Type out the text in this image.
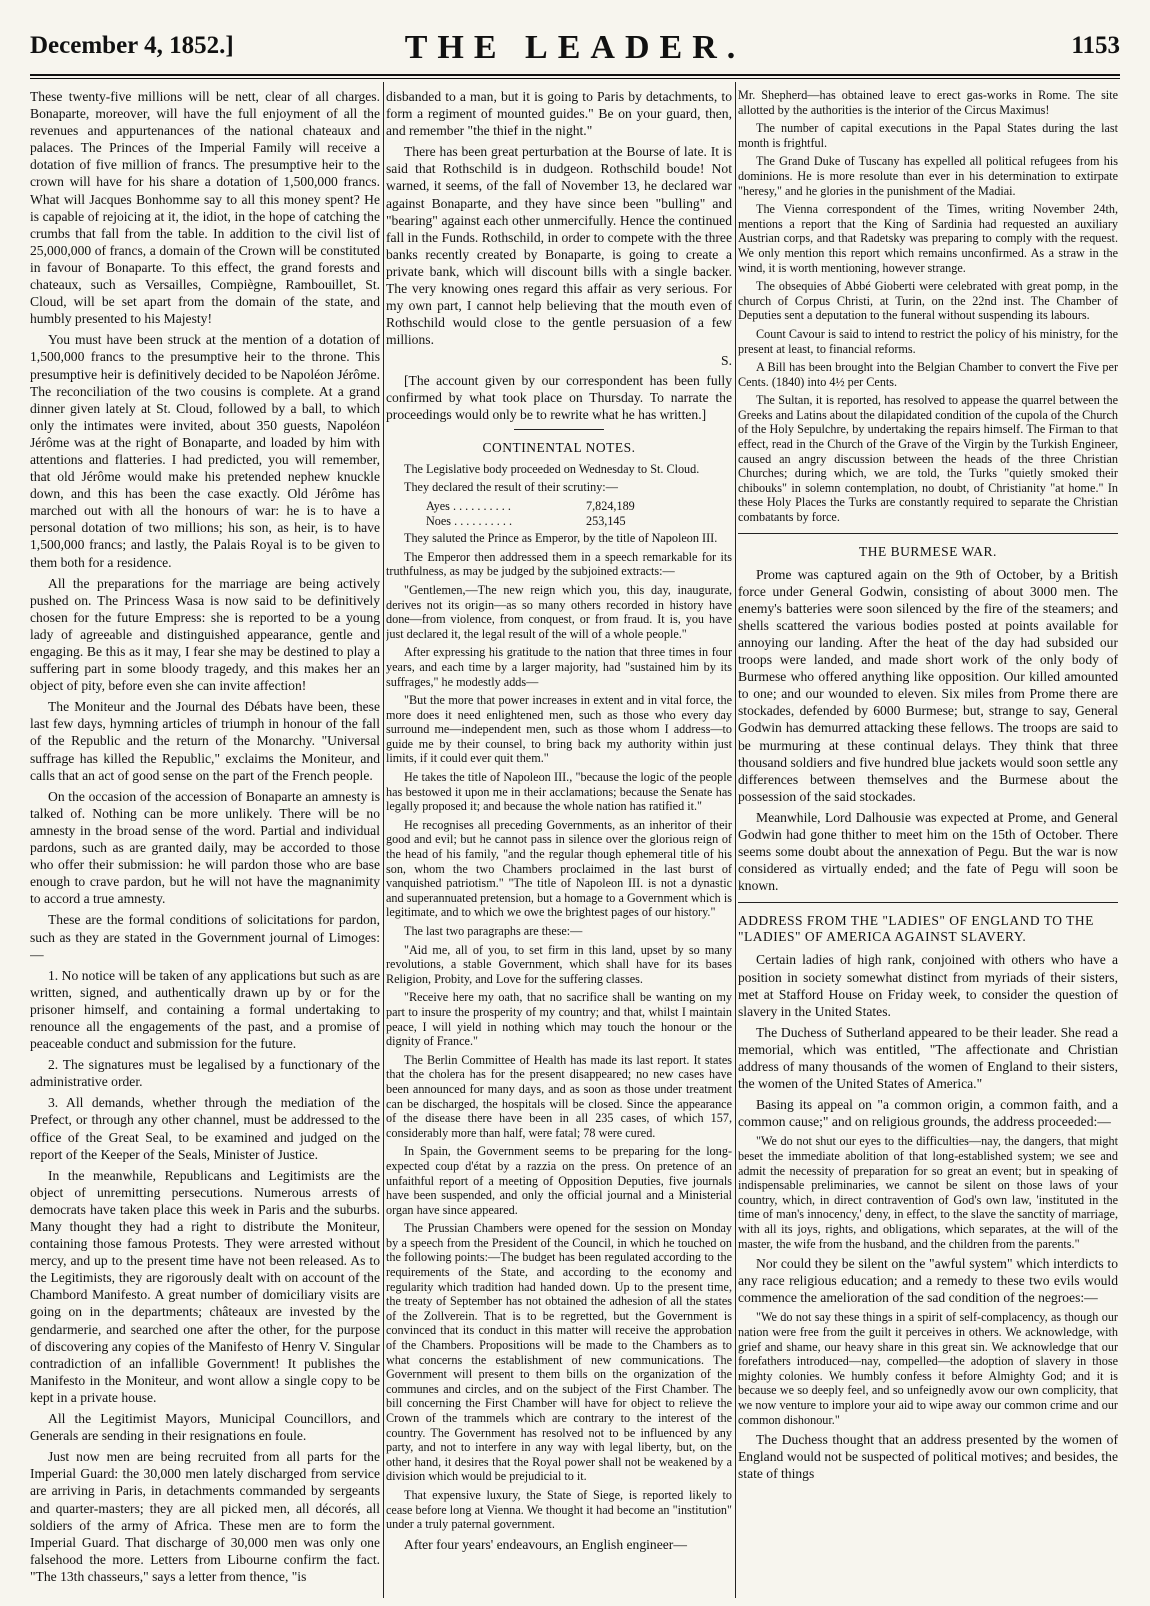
December 4, 1852.]	THE LEADER.	1153

These twenty-five millions will be nett, clear of all charges. Bonaparte, moreover, will have the full enjoyment of all the revenues and appurtenances of the national chateaux and palaces. The Princes of the Imperial Family will receive a dotation of five million of francs. The presumptive heir to the crown will have for his share a dotation of 1,500,000 francs. What will Jacques Bonhomme say to all this money spent? He is capable of rejoicing at it, the idiot, in the hope of catching the crumbs that fall from the table. In addition to the civil list of 25,000,000 of francs, a domain of the Crown will be constituted in favour of Bonaparte. To this effect, the grand forests and chateaux, such as Versailles, Compiègne, Rambouillet, St. Cloud, will be set apart from the domain of the state, and humbly presented to his Majesty!

You must have been struck at the mention of a dotation of 1,500,000 francs to the presumptive heir to the throne. This presumptive heir is definitively decided to be Napoléon Jérôme. The reconciliation of the two cousins is complete. At a grand dinner given lately at St. Cloud, followed by a ball, to which only the intimates were invited, about 350 guests, Napoléon Jérôme was at the right of Bonaparte, and loaded by him with attentions and flatteries. I had predicted, you will remember, that old Jérôme would make his pretended nephew knuckle down, and this has been the case exactly. Old Jérôme has marched out with all the honours of war: he is to have a personal dotation of two millions; his son, as heir, is to have 1,500,000 francs; and lastly, the Palais Royal is to be given to them both for a residence.

All the preparations for the marriage are being actively pushed on. The Princess Wasa is now said to be definitively chosen for the future Empress: she is reported to be a young lady of agreeable and distinguished appearance, gentle and engaging. Be this as it may, I fear she may be destined to play a suffering part in some bloody tragedy, and this makes her an object of pity, before even she can invite affection!

The Moniteur and the Journal des Débats have been, these last few days, hymning articles of triumph in honour of the fall of the Republic and the return of the Monarchy. "Universal suffrage has killed the Republic," exclaims the Moniteur, and calls that an act of good sense on the part of the French people.

On the occasion of the accession of Bonaparte an amnesty is talked of. Nothing can be more unlikely. There will be no amnesty in the broad sense of the word. Partial and individual pardons, such as are granted daily, may be accorded to those who offer their submission: he will pardon those who are base enough to crave pardon, but he will not have the magnanimity to accord a true amnesty.

These are the formal conditions of solicitations for pardon, such as they are stated in the Government journal of Limoges:—

1. No notice will be taken of any applications but such as are written, signed, and authentically drawn up by or for the prisoner himself, and containing a formal undertaking to renounce all the engagements of the past, and a promise of peaceable conduct and submission for the future.

2. The signatures must be legalised by a functionary of the administrative order.

3. All demands, whether through the mediation of the Prefect, or through any other channel, must be addressed to the office of the Great Seal, to be examined and judged on the report of the Keeper of the Seals, Minister of Justice.

In the meanwhile, Republicans and Legitimists are the object of unremitting persecutions. Numerous arrests of democrats have taken place this week in Paris and the suburbs. Many thought they had a right to distribute the Moniteur, containing those famous Protests. They were arrested without mercy, and up to the present time have not been released. As to the Legitimists, they are rigorously dealt with on account of the Chambord Manifesto. A great number of domiciliary visits are going on in the departments; châteaux are invested by the gendarmerie, and searched one after the other, for the purpose of discovering any copies of the Manifesto of Henry V. Singular contradiction of an infallible Government! It publishes the Manifesto in the Moniteur, and wont allow a single copy to be kept in a private house.

All the Legitimist Mayors, Municipal Councillors, and Generals are sending in their resignations en foule.

Just now men are being recruited from all parts for the Imperial Guard: the 30,000 men lately discharged from service are arriving in Paris, in detachments commanded by sergeants and quarter-masters; they are all picked men, all décorés, all soldiers of the army of Africa. These men are to form the Imperial Guard. That discharge of 30,000 men was only one falsehood the more. Letters from Libourne confirm the fact. "The 13th chasseurs," says a letter from thence, "is

disbanded to a man, but it is going to Paris by detachments, to form a regiment of mounted guides." Be on your guard, then, and remember "the thief in the night."

There has been great perturbation at the Bourse of late. It is said that Rothschild is in dudgeon. Rothschild boude! Not warned, it seems, of the fall of November 13, he declared war against Bonaparte, and they have since been "bulling" and "bearing" against each other unmercifully. Hence the continued fall in the Funds. Rothschild, in order to compete with the three banks recently created by Bonaparte, is going to create a private bank, which will discount bills with a single backer. The very knowing ones regard this affair as very serious. For my own part, I cannot help believing that the mouth even of Rothschild would close to the gentle persuasion of a few millions.

S.

[The account given by our correspondent has been fully confirmed by what took place on Thursday. To narrate the proceedings would only be to rewrite what he has written.]

CONTINENTAL NOTES.

The Legislative body proceeded on Wednesday to St. Cloud.

They declared the result of their scrutiny:—

Ayes . . . . . . . . . .	7,824,189
Noes . . . . . . . . . .	253,145

They saluted the Prince as Emperor, by the title of Napoleon III.

The Emperor then addressed them in a speech remarkable for its truthfulness, as may be judged by the subjoined extracts:—

"Gentlemen,—The new reign which you, this day, inaugurate, derives not its origin—as so many others recorded in history have done—from violence, from conquest, or from fraud. It is, you have just declared it, the legal result of the will of a whole people."

After expressing his gratitude to the nation that three times in four years, and each time by a larger majority, had "sustained him by its suffrages," he modestly adds—

"But the more that power increases in extent and in vital force, the more does it need enlightened men, such as those who every day surround me—independent men, such as those whom I address—to guide me by their counsel, to bring back my authority within just limits, if it could ever quit them."

He takes the title of Napoleon III., "because the logic of the people has bestowed it upon me in their acclamations; because the Senate has legally proposed it; and because the whole nation has ratified it."

He recognises all preceding Governments, as an inheritor of their good and evil; but he cannot pass in silence over the glorious reign of the head of his family, "and the regular though ephemeral title of his son, whom the two Chambers proclaimed in the last burst of vanquished patriotism." "The title of Napoleon III. is not a dynastic and superannuated pretension, but a homage to a Government which is legitimate, and to which we owe the brightest pages of our history."

The last two paragraphs are these:—

"Aid me, all of you, to set firm in this land, upset by so many revolutions, a stable Government, which shall have for its bases Religion, Probity, and Love for the suffering classes.

"Receive here my oath, that no sacrifice shall be wanting on my part to insure the prosperity of my country; and that, whilst I maintain peace, I will yield in nothing which may touch the honour or the dignity of France."

The Berlin Committee of Health has made its last report. It states that the cholera has for the present disappeared; no new cases have been announced for many days, and as soon as those under treatment can be discharged, the hospitals will be closed. Since the appearance of the disease there have been in all 235 cases, of which 157, considerably more than half, were fatal; 78 were cured.

In Spain, the Government seems to be preparing for the long-expected coup d'état by a razzia on the press. On pretence of an unfaithful report of a meeting of Opposition Deputies, five journals have been suspended, and only the official journal and a Ministerial organ have since appeared.

The Prussian Chambers were opened for the session on Monday by a speech from the President of the Council, in which he touched on the following points:—The budget has been regulated according to the requirements of the State, and according to the economy and regularity which tradition had handed down. Up to the present time, the treaty of September has not obtained the adhesion of all the states of the Zollverein. That is to be regretted, but the Government is convinced that its conduct in this matter will receive the approbation of the Chambers. Propositions will be made to the Chambers as to what concerns the establishment of new communications. The Government will present to them bills on the organization of the communes and circles, and on the subject of the First Chamber. The bill concerning the First Chamber will have for object to relieve the Crown of the trammels which are contrary to the interest of the country. The Government has resolved not to be influenced by any party, and not to interfere in any way with legal liberty, but, on the other hand, it desires that the Royal power shall not be weakened by a division which would be prejudicial to it.

That expensive luxury, the State of Siege, is reported likely to cease before long at Vienna. We thought it had become an "institution" under a truly paternal government.

After four years' endeavours, an English engineer—

Mr. Shepherd—has obtained leave to erect gas-works in Rome. The site allotted by the authorities is the interior of the Circus Maximus!

The number of capital executions in the Papal States during the last month is frightful.

The Grand Duke of Tuscany has expelled all political refugees from his dominions. He is more resolute than ever in his determination to extirpate "heresy," and he glories in the punishment of the Madiai.

The Vienna correspondent of the Times, writing November 24th, mentions a report that the King of Sardinia had requested an auxiliary Austrian corps, and that Radetsky was preparing to comply with the request. We only mention this report which remains unconfirmed. As a straw in the wind, it is worth mentioning, however strange.

The obsequies of Abbé Gioberti were celebrated with great pomp, in the church of Corpus Christi, at Turin, on the 22nd inst. The Chamber of Deputies sent a deputation to the funeral without suspending its labours.

Count Cavour is said to intend to restrict the policy of his ministry, for the present at least, to financial reforms.

A Bill has been brought into the Belgian Chamber to convert the Five per Cents. (1840) into 4½ per Cents.

The Sultan, it is reported, has resolved to appease the quarrel between the Greeks and Latins about the dilapidated condition of the cupola of the Church of the Holy Sepulchre, by undertaking the repairs himself. The Firman to that effect, read in the Church of the Grave of the Virgin by the Turkish Engineer, caused an angry discussion between the heads of the three Christian Churches; during which, we are told, the Turks "quietly smoked their chibouks" in solemn contemplation, no doubt, of Christianity "at home." In these Holy Places the Turks are constantly required to separate the Christian combatants by force.

THE BURMESE WAR.

Prome was captured again on the 9th of October, by a British force under General Godwin, consisting of about 3000 men. The enemy's batteries were soon silenced by the fire of the steamers; and shells scattered the various bodies posted at points available for annoying our landing. After the heat of the day had subsided our troops were landed, and made short work of the only body of Burmese who offered anything like opposition. Our killed amounted to one; and our wounded to eleven. Six miles from Prome there are stockades, defended by 6000 Burmese; but, strange to say, General Godwin has demurred attacking these fellows. The troops are said to be murmuring at these continual delays. They think that three thousand soldiers and five hundred blue jackets would soon settle any differences between themselves and the Burmese about the possession of the said stockades.

Meanwhile, Lord Dalhousie was expected at Prome, and General Godwin had gone thither to meet him on the 15th of October. There seems some doubt about the annexation of Pegu. But the war is now considered as virtually ended; and the fate of Pegu will soon be known.

ADDRESS FROM THE "LADIES" OF ENGLAND TO THE "LADIES" OF AMERICA AGAINST SLAVERY.

Certain ladies of high rank, conjoined with others who have a position in society somewhat distinct from myriads of their sisters, met at Stafford House on Friday week, to consider the question of slavery in the United States.

The Duchess of Sutherland appeared to be their leader. She read a memorial, which was entitled, "The affectionate and Christian address of many thousands of the women of England to their sisters, the women of the United States of America."

Basing its appeal on "a common origin, a common faith, and a common cause;" and on religious grounds, the address proceeded:—

"We do not shut our eyes to the difficulties—nay, the dangers, that might beset the immediate abolition of that long-established system; we see and admit the necessity of preparation for so great an event; but in speaking of indispensable preliminaries, we cannot be silent on those laws of your country, which, in direct contravention of God's own law, 'instituted in the time of man's innocency,' deny, in effect, to the slave the sanctity of marriage, with all its joys, rights, and obligations, which separates, at the will of the master, the wife from the husband, and the children from the parents."

Nor could they be silent on the "awful system" which interdicts to any race religious education; and a remedy to these two evils would commence the amelioration of the sad condition of the negroes:—

"We do not say these things in a spirit of self-complacency, as though our nation were free from the guilt it perceives in others. We acknowledge, with grief and shame, our heavy share in this great sin. We acknowledge that our forefathers introduced—nay, compelled—the adoption of slavery in those mighty colonies. We humbly confess it before Almighty God; and it is because we so deeply feel, and so unfeignedly avow our own complicity, that we now venture to implore your aid to wipe away our common crime and our common dishonour."

The Duchess thought that an address presented by the women of England would not be suspected of political motives; and besides, the state of things
